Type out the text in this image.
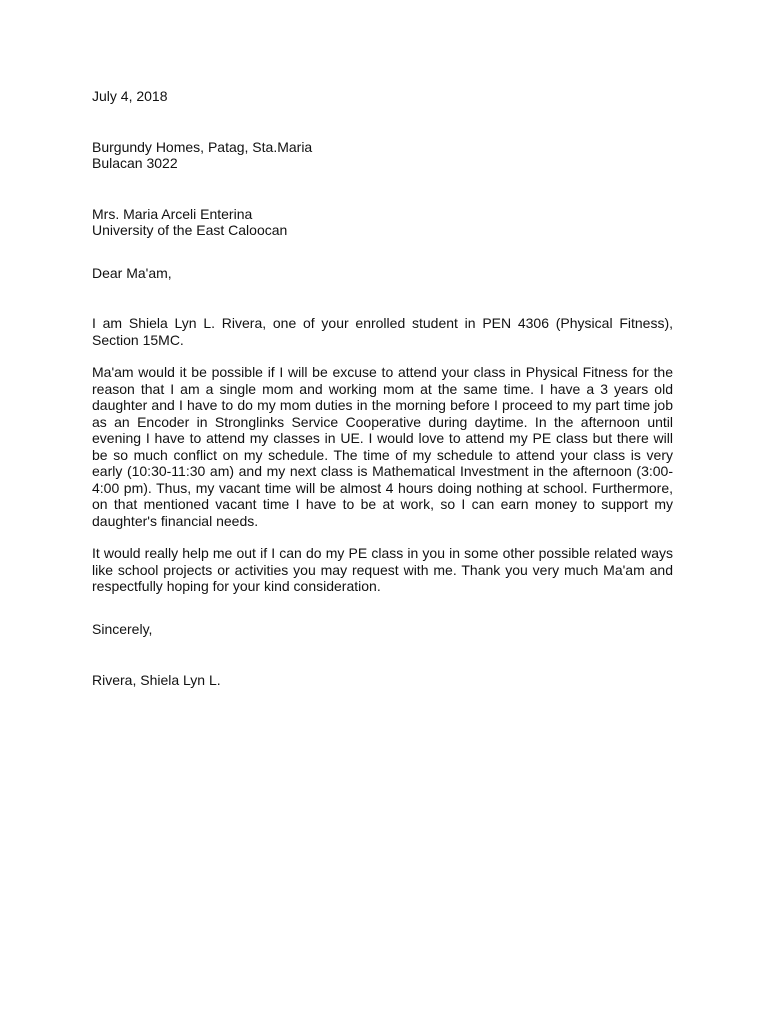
July 4, 2018
Burgundy Homes, Patag, Sta.Maria
Bulacan 3022
Mrs. Maria Arceli Enterina
University of the East Caloocan
Dear Ma'am,

I am Shiela Lyn L. Rivera, one of your enrolled student in PEN 4306 (Physical Fitness), Section 15MC.

Ma'am would it be possible if I will be excuse to attend your class in Physical Fitness for the reason that I am a single mom and working mom at the same time. I have a 3 years old daughter and I have to do my mom duties in the morning before I proceed to my part time job as an Encoder in Stronglinks Service Cooperative during daytime. In the afternoon until evening I have to attend my classes in UE. I would love to attend my PE class but there will be so much conflict on my schedule. The time of my schedule to attend your class is very early (10:30-11:30 am) and my next class is Mathematical Investment in the afternoon (3:00-4:00 pm). Thus, my vacant time will be almost 4 hours doing nothing at school. Furthermore, on that mentioned vacant time I have to be at work, so I can earn money to support my daughter's financial needs.

It would really help me out if I can do my PE class in you in some other possible related ways like school projects or activities you may request with me. Thank you very much Ma'am and respectfully hoping for your kind consideration.

Sincerely,
Rivera, Shiela Lyn L.
